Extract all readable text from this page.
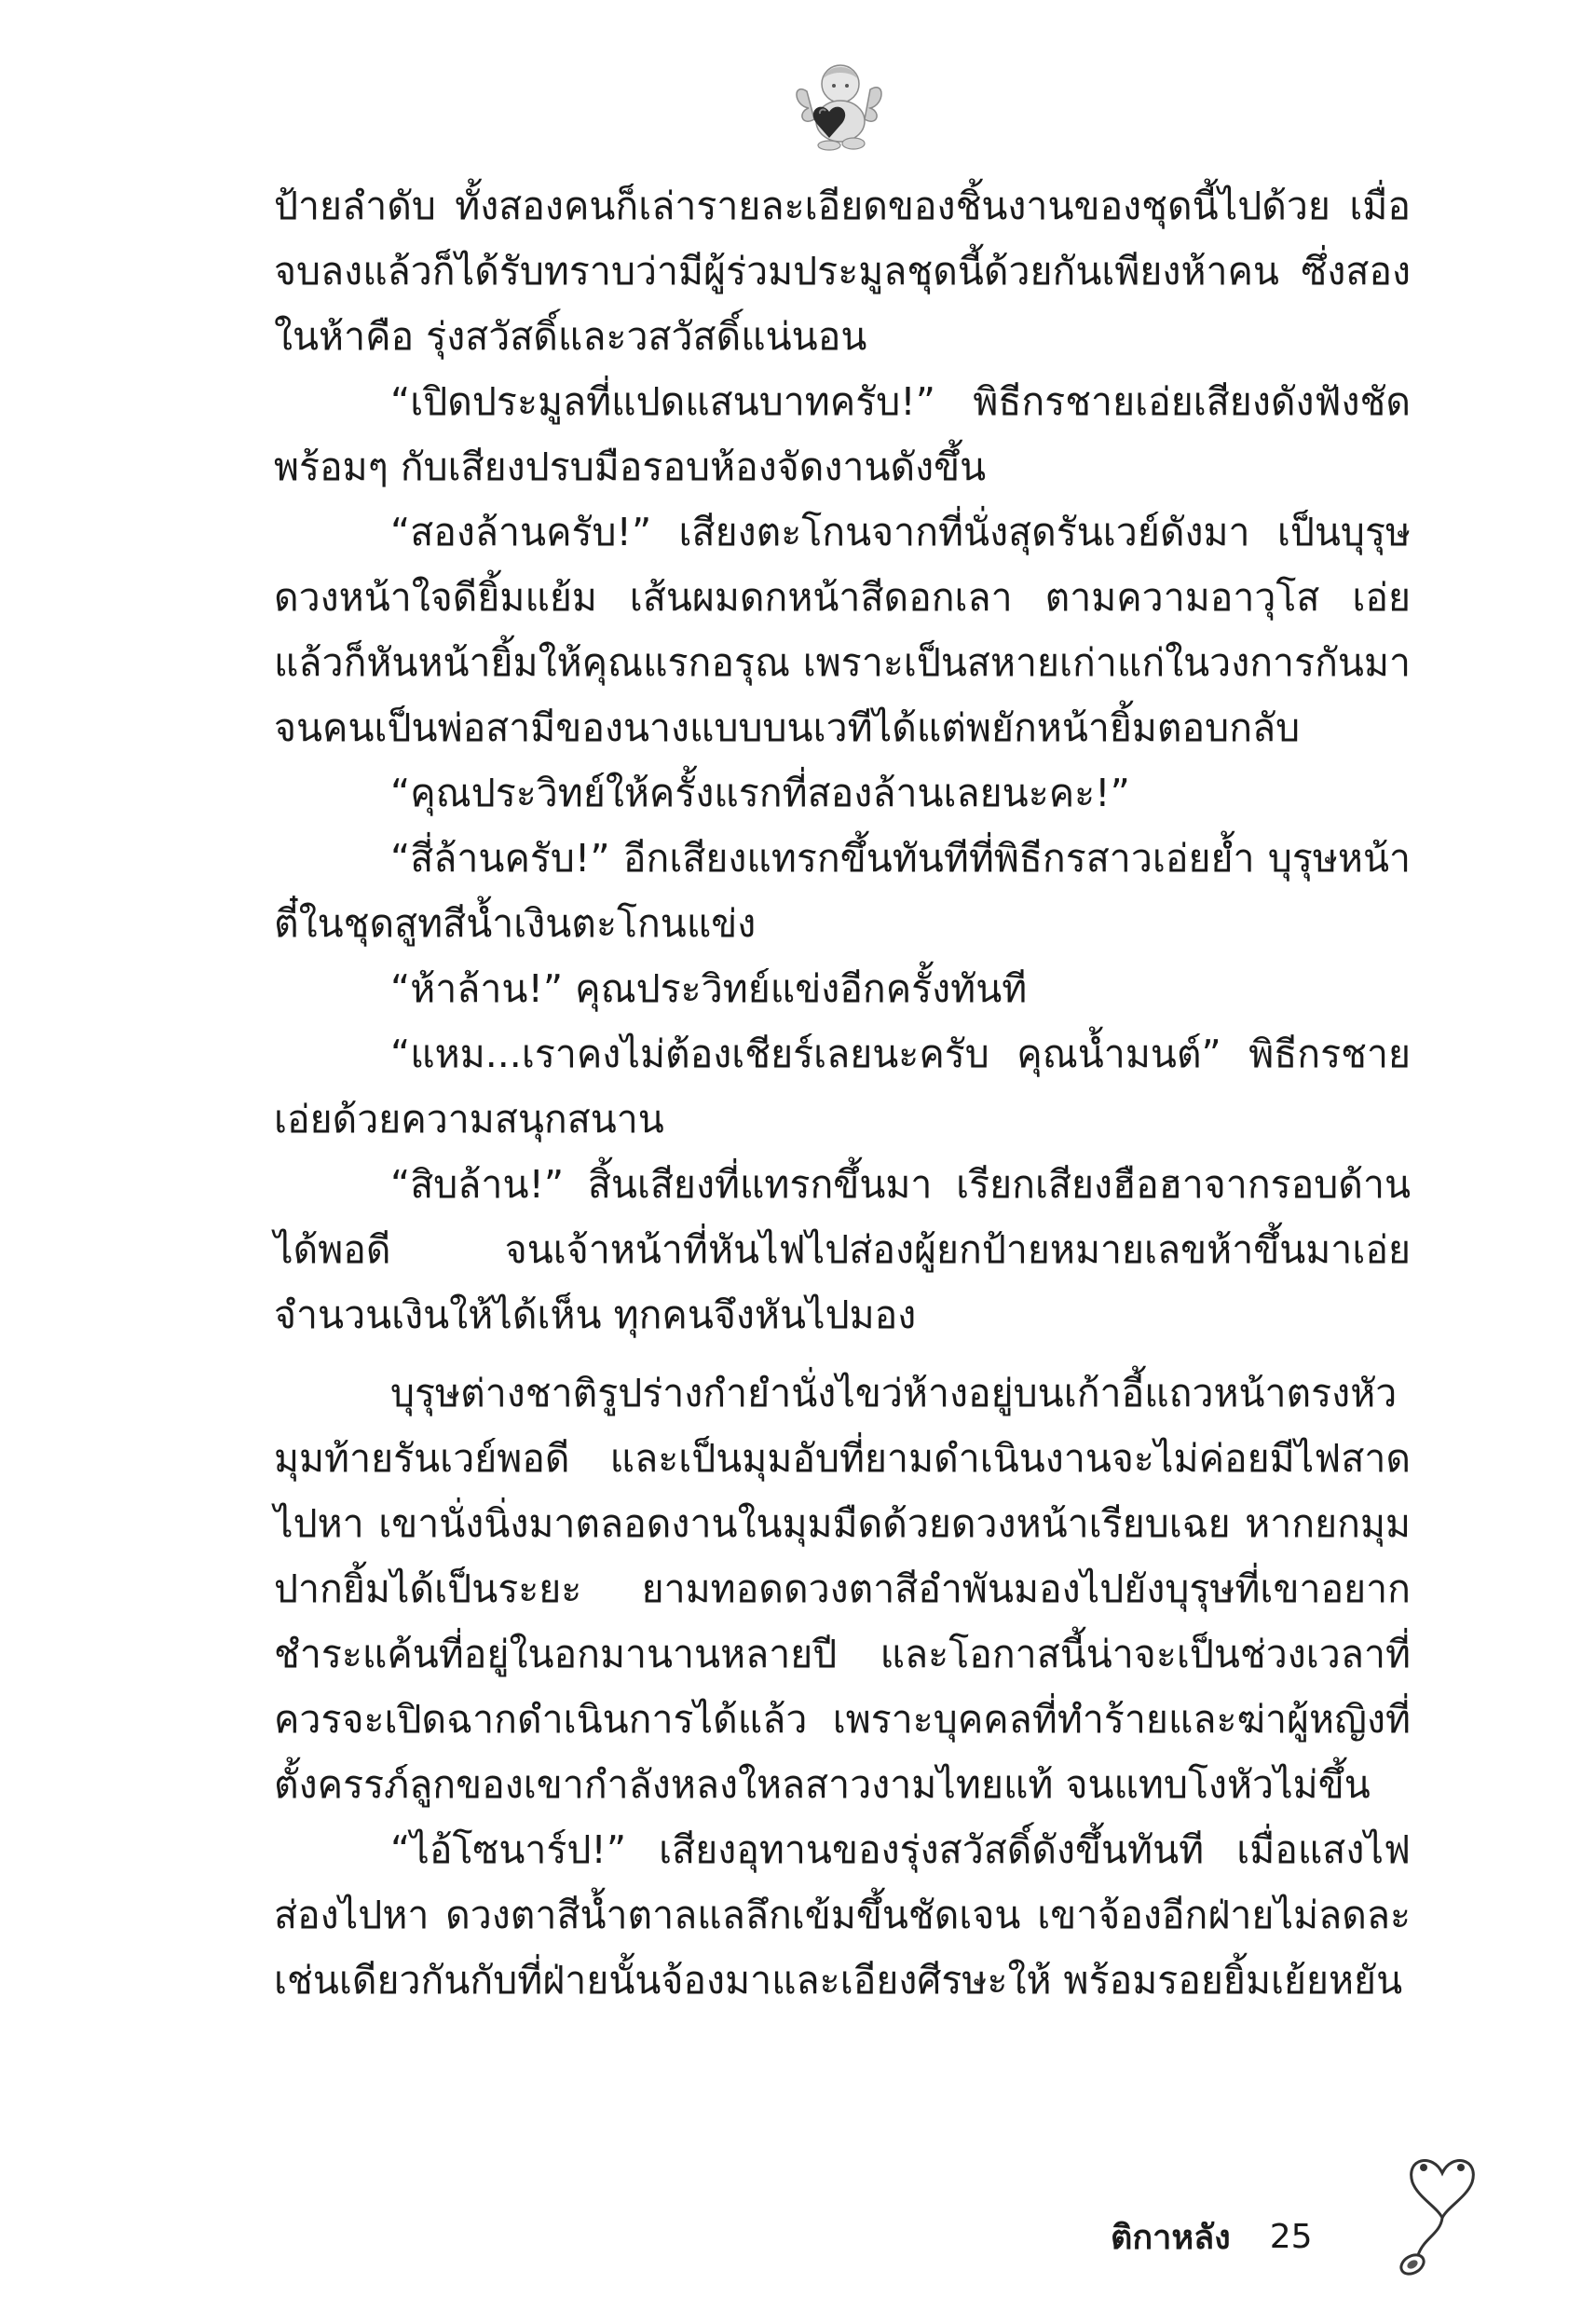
ป้ายลำดับ ทั้งสองคนก็เล่ารายละเอียดของชิ้นงานของชุดนี้ไปด้วย เมื่อจบลงแล้วก็ได้รับทราบว่ามีผู้ร่วมประมูลชุดนี้ด้วยกันเพียงห้าคน ซึ่งสองในห้าคือ รุ่งสวัสดิ์และวสวัสดิ์แน่นอน

“เปิดประมูลที่แปดแสนบาทครับ!” พิธีกรชายเอ่ยเสียงดังฟังชัดพร้อมๆ กับเสียงปรบมือรอบห้องจัดงานดังขึ้น

“สองล้านครับ!” เสียงตะโกนจากที่นั่งสุดรันเวย์ดังมา เป็นบุรุษดวงหน้าใจดียิ้มแย้ม เส้นผมดกหน้าสีดอกเลา ตามความอาวุโส เอ่ยแล้วก็หันหน้ายิ้มให้คุณแรกอรุณ เพราะเป็นสหายเก่าแก่ในวงการกันมา จนคนเป็นพ่อสามีของนางแบบบนเวทีได้แต่พยักหน้ายิ้มตอบกลับ

“คุณประวิทย์ให้ครั้งแรกที่สองล้านเลยนะคะ!”

“สี่ล้านครับ!” อีกเสียงแทรกขึ้นทันทีที่พิธีกรสาวเอ่ยย้ำ บุรุษหน้าตี๋ในชุดสูทสีน้ำเงินตะโกนแข่ง

“ห้าล้าน!” คุณประวิทย์แข่งอีกครั้งทันที

“แหม...เราคงไม่ต้องเชียร์เลยนะครับ คุณน้ำมนต์” พิธีกรชายเอ่ยด้วยความสนุกสนาน

“สิบล้าน!” สิ้นเสียงที่แทรกขึ้นมา เรียกเสียงฮือฮาจากรอบด้านได้พอดี จนเจ้าหน้าที่หันไฟไปส่องผู้ยกป้ายหมายเลขห้าขึ้นมาเอ่ยจำนวนเงินให้ได้เห็น ทุกคนจึงหันไปมอง

บุรุษต่างชาติรูปร่างกำยำนั่งไขว่ห้างอยู่บนเก้าอี้แถวหน้าตรงหัวมุมท้ายรันเวย์พอดี และเป็นมุมอับที่ยามดำเนินงานจะไม่ค่อยมีไฟสาดไปหา เขานั่งนิ่งมาตลอดงานในมุมมืดด้วยดวงหน้าเรียบเฉย หากยกมุมปากยิ้มได้เป็นระยะ ยามทอดดวงตาสีอำพันมองไปยังบุรุษที่เขาอยากชำระแค้นที่อยู่ในอกมานานหลายปี และโอกาสนี้น่าจะเป็นช่วงเวลาที่ควรจะเปิดฉากดำเนินการได้แล้ว เพราะบุคคลที่ทำร้ายและฆ่าผู้หญิงที่ตั้งครรภ์ลูกของเขากำลังหลงใหลสาวงามไทยแท้ จนแทบโงหัวไม่ขึ้น

“ไอ้โซนาร์ป!” เสียงอุทานของรุ่งสวัสดิ์ดังขึ้นทันที เมื่อแสงไฟส่องไปหา ดวงตาสีน้ำตาลแลลึกเข้มขึ้นชัดเจน เขาจ้องอีกฝ่ายไม่ลดละเช่นเดียวกันกับที่ฝ่ายนั้นจ้องมาและเอียงศีรษะให้ พร้อมรอยยิ้มเย้ยหยัน

ติกาหลัง 25
